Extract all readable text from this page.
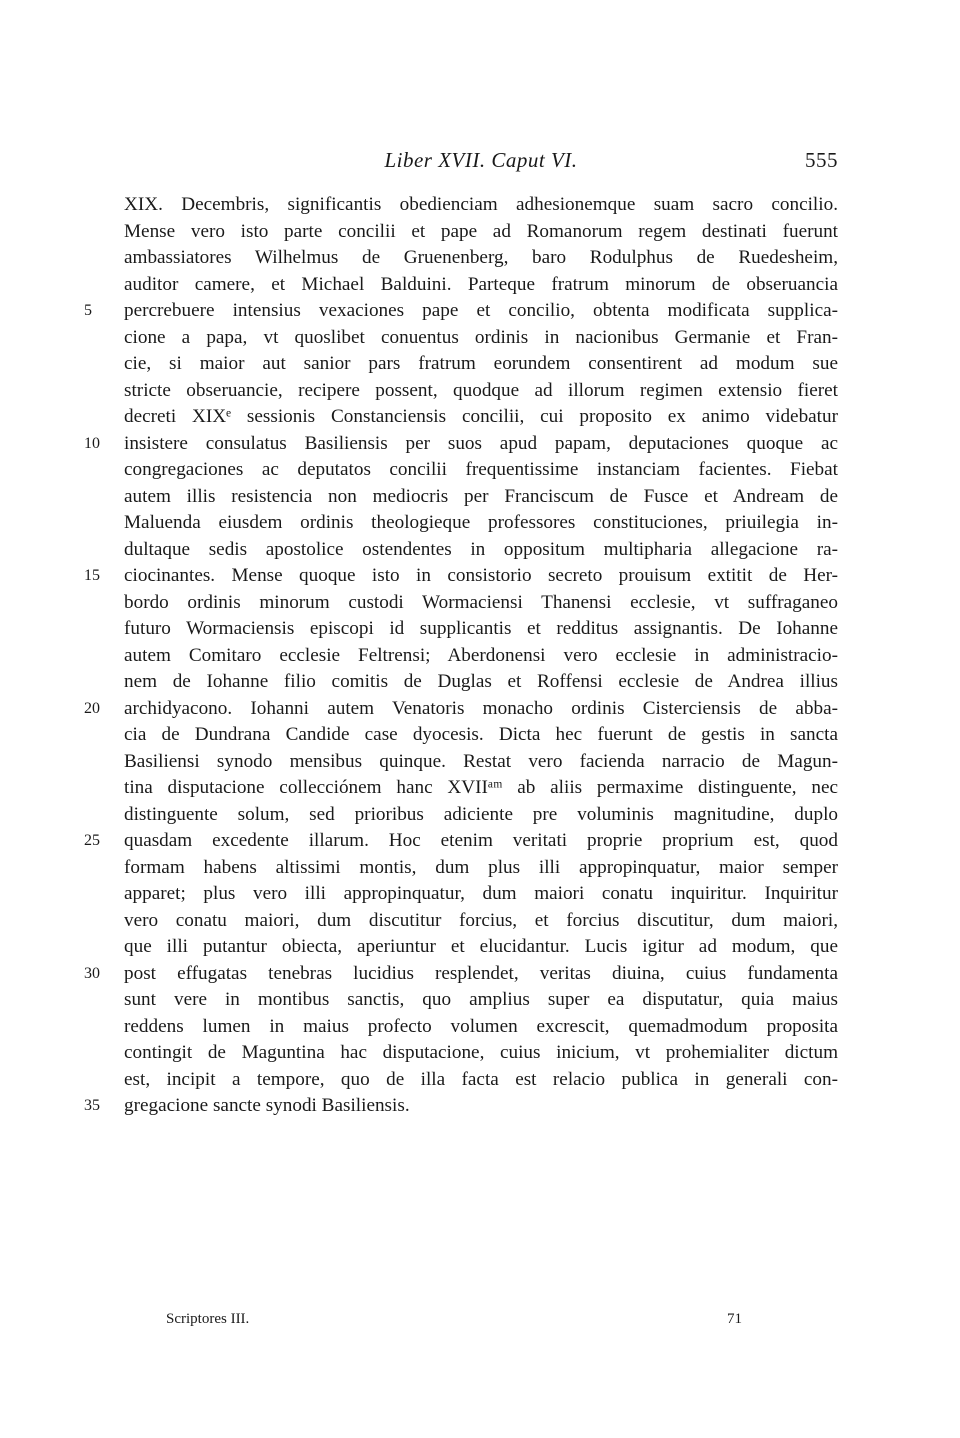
Liber XVII. Caput VI.	555
XIX. Decembris, significantis obedienciam adhesionemque suam sacro concilio.
Mense vero isto parte concilii et pape ad Romanorum regem destinati fuerunt
ambassiatores Wilhelmus de Gruenenberg, baro Rodulphus de Ruedesheim,
auditor camere, et Michael Balduini. Parteque fratrum minorum de obseruancia
5	percrebuere intensius vexaciones pape et concilio, obtenta modificata supplica-
cione a papa, vt quoslibet conuentus ordinis in nacionibus Germanie et Fran-
cie, si maior aut sanior pars fratrum eorundem consentirent ad modum sue
stricte obseruancie, recipere possent, quodque ad illorum regimen extensio fieret
decreti XIXᵉ sessionis Constanciensis concilii, cui proposito ex animo videbatur
10	insistere consulatus Basiliensis per suos apud papam, deputaciones quoque ac
congregaciones ac deputatos concilii frequentissime instanciam facientes. Fiebat
autem illis resistencia non mediocris per Franciscum de Fusce et Andream de
Maluenda eiusdem ordinis theologieque professores constituciones, priuilegia in-
dultaque sedis apostolice ostendentes in oppositum multipharia allegacione ra-
15	ciocinantes. Mense quoque isto in consistorio secreto prouisum extitit de Her-
bordo ordinis minorum custodi Wormaciensi Thanensi ecclesie, vt suffraganeo
futuro Wormaciensis episcopi id supplicantis et redditus assignantis. De Iohanne
autem Comitaro ecclesie Feltrensi; Aberdonensi vero ecclesie in administracio-
nem de Iohanne filio comitis de Duglas et Roffensi ecclesie de Andrea illius
20	archidyacono. Iohanni autem Venatoris monacho ordinis Cisterciensis de abba-
cia de Dundrana Candide case dyocesis. Dicta hec fuerunt de gestis in sancta
Basiliensi synodo mensibus quinque. Restat vero facienda narracio de Magun-
tina disputacione collecciónem hanc XVIIᵃᵐ ab aliis permaxime distinguente, nec
distinguente solum, sed prioribus adiciente pre voluminis magnitudine, duplo
25	quasdam excedente illarum. Hoc etenim veritati proprie proprium est, quod
formam habens altissimi montis, dum plus illi appropinquatur, maior semper
apparet; plus vero illi appropinquatur, dum maiori conatu inquiritur. Inquiritur
vero conatu maiori, dum discutitur forcius, et forcius discutitur, dum maiori,
que illi putantur obiecta, aperiuntur et elucidantur. Lucis igitur ad modum, que
30	post effugatas tenebras lucidius resplendet, veritas diuina, cuius fundamenta
sunt vere in montibus sanctis, quo amplius super ea disputatur, quia maius
reddens lumen in maius profecto volumen excrescit, quemadmodum proposita
contingit de Maguntina hac disputacione, cuius inicium, vt prohemialiter dictum
est, incipit a tempore, quo de illa facta est relacio publica in generali con-
35	gregacione sancte synodi Basiliensis.
Scriptores III.	71
